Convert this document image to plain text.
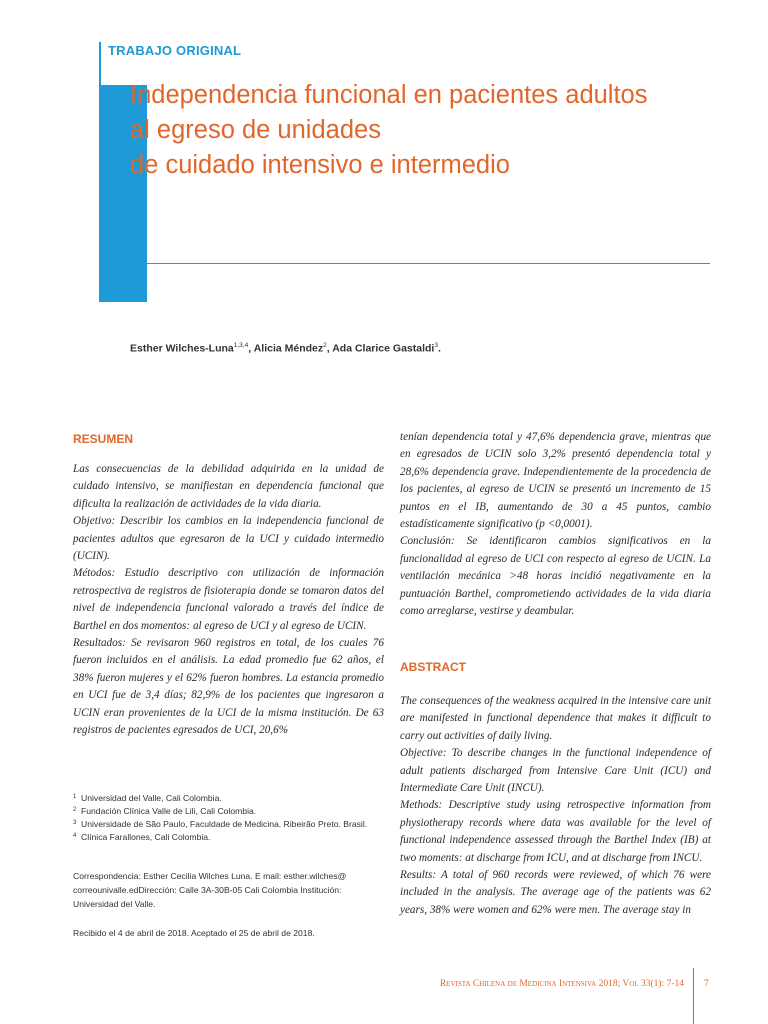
TRABAJO ORIGINAL
Independencia funcional en pacientes adultos
al egreso de unidades
de cuidado intensivo e intermedio
Esther Wilches-Luna$^{1,3,4}$, Alicia Méndez$^2$, Ada Clarice Gastaldi$^3$.
RESUMEN

Las consecuencias de la debilidad adquirida en la unidad de cuidado intensivo, se manifiestan en dependencia funcional que dificulta la realización de actividades de la vida diaria.

Objetivo: Describir los cambios en la independencia funcional de pacientes adultos que egresaron de la UCI y cuidado intermedio (UCIN).

Métodos: Estudio descriptivo con utilización de información retrospectiva de registros de fisioterapia donde se tomaron datos del nivel de independencia funcional valorado a través del índice de Barthel en dos momentos: al egreso de UCI y al egreso de UCIN.

Resultados: Se revisaron 960 registros en total, de los cuales 76 fueron incluidos en el análisis. La edad promedio fue 62 años, el 38% fueron mujeres y el 62% fueron hombres. La estancia promedio en UCI fue de 3,4 días; 82,9% de los pacientes que ingresaron a UCIN eran provenientes de la UCI de la misma institución. De 63 registros de pacientes egresados de UCI, 20,6%

tenían dependencia total y 47,6% dependencia grave, mientras que en egresados de UCIN solo 3,2% presentó dependencia total y 28,6% dependencia grave. Independientemente de la procedencia de los pacientes, al egreso de UCIN se presentó un incremento de 15 puntos en el IB, aumentando de 30 a 45 puntos, cambio estadísticamente significativo (p <0,0001).

Conclusión: Se identificaron cambios significativos en la funcionalidad al egreso de UCI con respecto al egreso de UCIN. La ventilación mecánica >48 horas incidió negativamente en la puntuación Barthel, comprometiendo actividades de la vida diaria como arreglarse, vestirse y deambular.

ABSTRACT

The consequences of the weakness acquired in the intensive care unit are manifested in functional dependence that makes it difficult to carry out activities of daily living.

Objective: To describe changes in the functional independence of adult patients discharged from Intensive Care Unit (ICU) and Intermediate Care Unit (INCU).

Methods: Descriptive study using retrospective information from physiotherapy records where data was available for the level of functional independence assessed through the Barthel Index (IB) at two moments: at discharge from ICU, and at discharge from INCU.

Results: A total of 960 records were reviewed, of which 76 were included in the analysis. The average age of the patients was 62 years, 38% were women and 62% were men. The average stay in

1 Universidad del Valle, Cali Colombia.
2 Fundación Clínica Valle de Lili, Cali Colombia.
3 Universidade de São Paulo, Faculdade de Medicina. Ribeirão Preto. Brasil.
4 Clínica Farallones, Cali Colombia.
Correspondencia: Esther Cecilia Wilches Luna. E mail: esther.wilches@ correounivalle.edDirección: Calle 3A-30B-05 Cali Colombia Institución: Universidad del Valle.
Recibido el 4 de abril de 2018. Aceptado el 25 de abril de 2018.
Revista Chilena de Medicina Intensiva 2018; Vol 33(1): 7-14 7
